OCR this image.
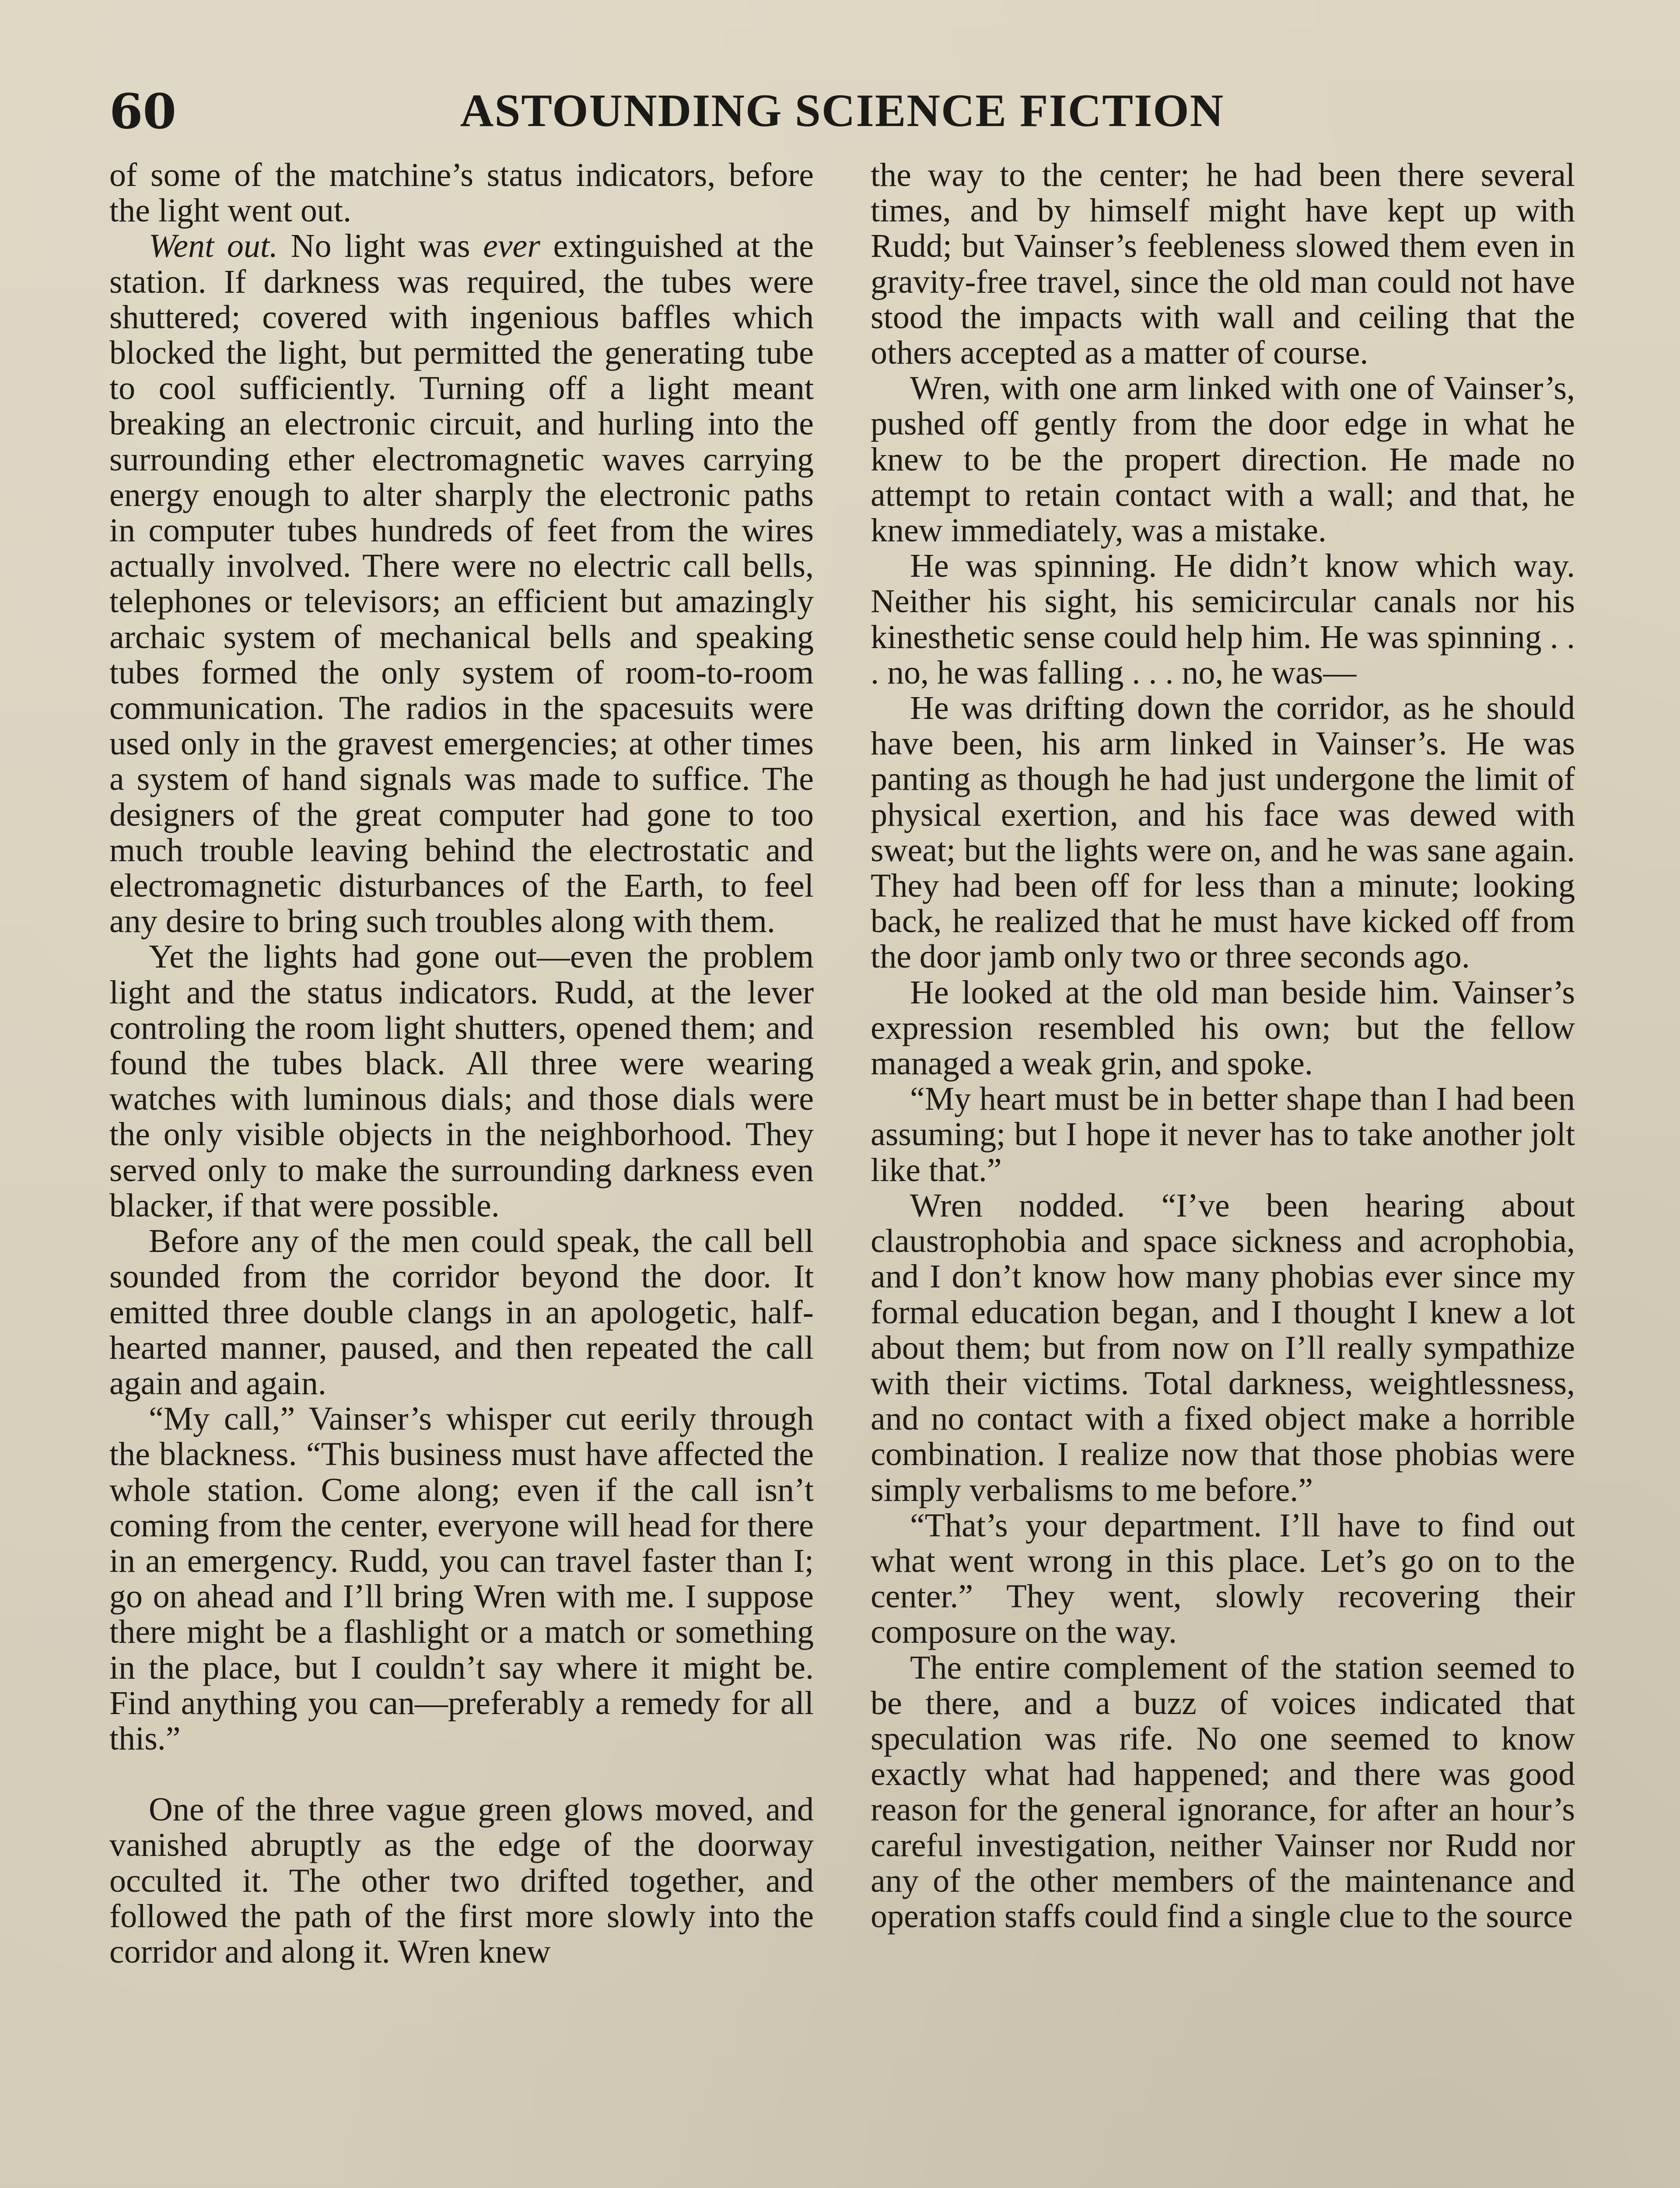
60	ASTOUNDING SCIENCE FICTION

of some of the matchine’s status indicators, before the light went out.

Went out. No light was ever extinguished at the station. If darkness was required, the tubes were shuttered; covered with ingenious baffles which blocked the light, but permitted the generating tube to cool sufficiently. Turning off a light meant breaking an electronic circuit, and hurling into the surrounding ether electromagnetic waves carrying energy enough to alter sharply the electronic paths in computer tubes hundreds of feet from the wires actually involved. There were no electric call bells, telephones or televisors; an efficient but amazingly archaic system of mechanical bells and speaking tubes formed the only system of room-to-room communication. The radios in the spacesuits were used only in the gravest emergencies; at other times a system of hand signals was made to suffice. The designers of the great computer had gone to too much trouble leaving behind the electrostatic and electromagnetic disturbances of the Earth, to feel any desire to bring such troubles along with them.

Yet the lights had gone out—even the problem light and the status indicators. Rudd, at the lever controling the room light shutters, opened them; and found the tubes black. All three were wearing watches with luminous dials; and those dials were the only visible objects in the neighborhood. They served only to make the surrounding darkness even blacker, if that were possible.

Before any of the men could speak, the call bell sounded from the corridor beyond the door. It emitted three double clangs in an apologetic, half-hearted manner, paused, and then repeated the call again and again.

“My call,” Vainser’s whisper cut eerily through the blackness. “This business must have affected the whole station. Come along; even if the call isn’t coming from the center, everyone will head for there in an emergency. Rudd, you can travel faster than I; go on ahead and I’ll bring Wren with me. I suppose there might be a flashlight or a match or something in the place, but I couldn’t say where it might be. Find anything you can—preferably a remedy for all this.”

One of the three vague green glows moved, and vanished abruptly as the edge of the doorway occulted it. The other two drifted together, and followed the path of the first more slowly into the corridor and along it. Wren knew

the way to the center; he had been there several times, and by himself might have kept up with Rudd; but Vainser’s feebleness slowed them even in gravity-free travel, since the old man could not have stood the impacts with wall and ceiling that the others accepted as a matter of course.

Wren, with one arm linked with one of Vainser’s, pushed off gently from the door edge in what he knew to be the propert direction. He made no attempt to retain contact with a wall; and that, he knew immediately, was a mistake.

He was spinning. He didn’t know which way. Neither his sight, his semicircular canals nor his kinesthetic sense could help him. He was spinning . . . no, he was falling . . . no, he was—

He was drifting down the corridor, as he should have been, his arm linked in Vainser’s. He was panting as though he had just undergone the limit of physical exertion, and his face was dewed with sweat; but the lights were on, and he was sane again. They had been off for less than a minute; looking back, he realized that he must have kicked off from the door jamb only two or three seconds ago.

He looked at the old man beside him. Vainser’s expression resembled his own; but the fellow managed a weak grin, and spoke.

“My heart must be in better shape than I had been assuming; but I hope it never has to take another jolt like that.”

Wren nodded. “I’ve been hearing about claustrophobia and space sickness and acrophobia, and I don’t know how many phobias ever since my formal education began, and I thought I knew a lot about them; but from now on I’ll really sympathize with their victims. Total darkness, weightlessness, and no contact with a fixed object make a horrible combination. I realize now that those phobias were simply verbalisms to me before.”

“That’s your department. I’ll have to find out what went wrong in this place. Let’s go on to the center.” They went, slowly recovering their composure on the way.

The entire complement of the station seemed to be there, and a buzz of voices indicated that speculation was rife. No one seemed to know exactly what had happened; and there was good reason for the general ignorance, for after an hour’s careful investigation, neither Vainser nor Rudd nor any of the other members of the maintenance and operation staffs could find a single clue to the source
